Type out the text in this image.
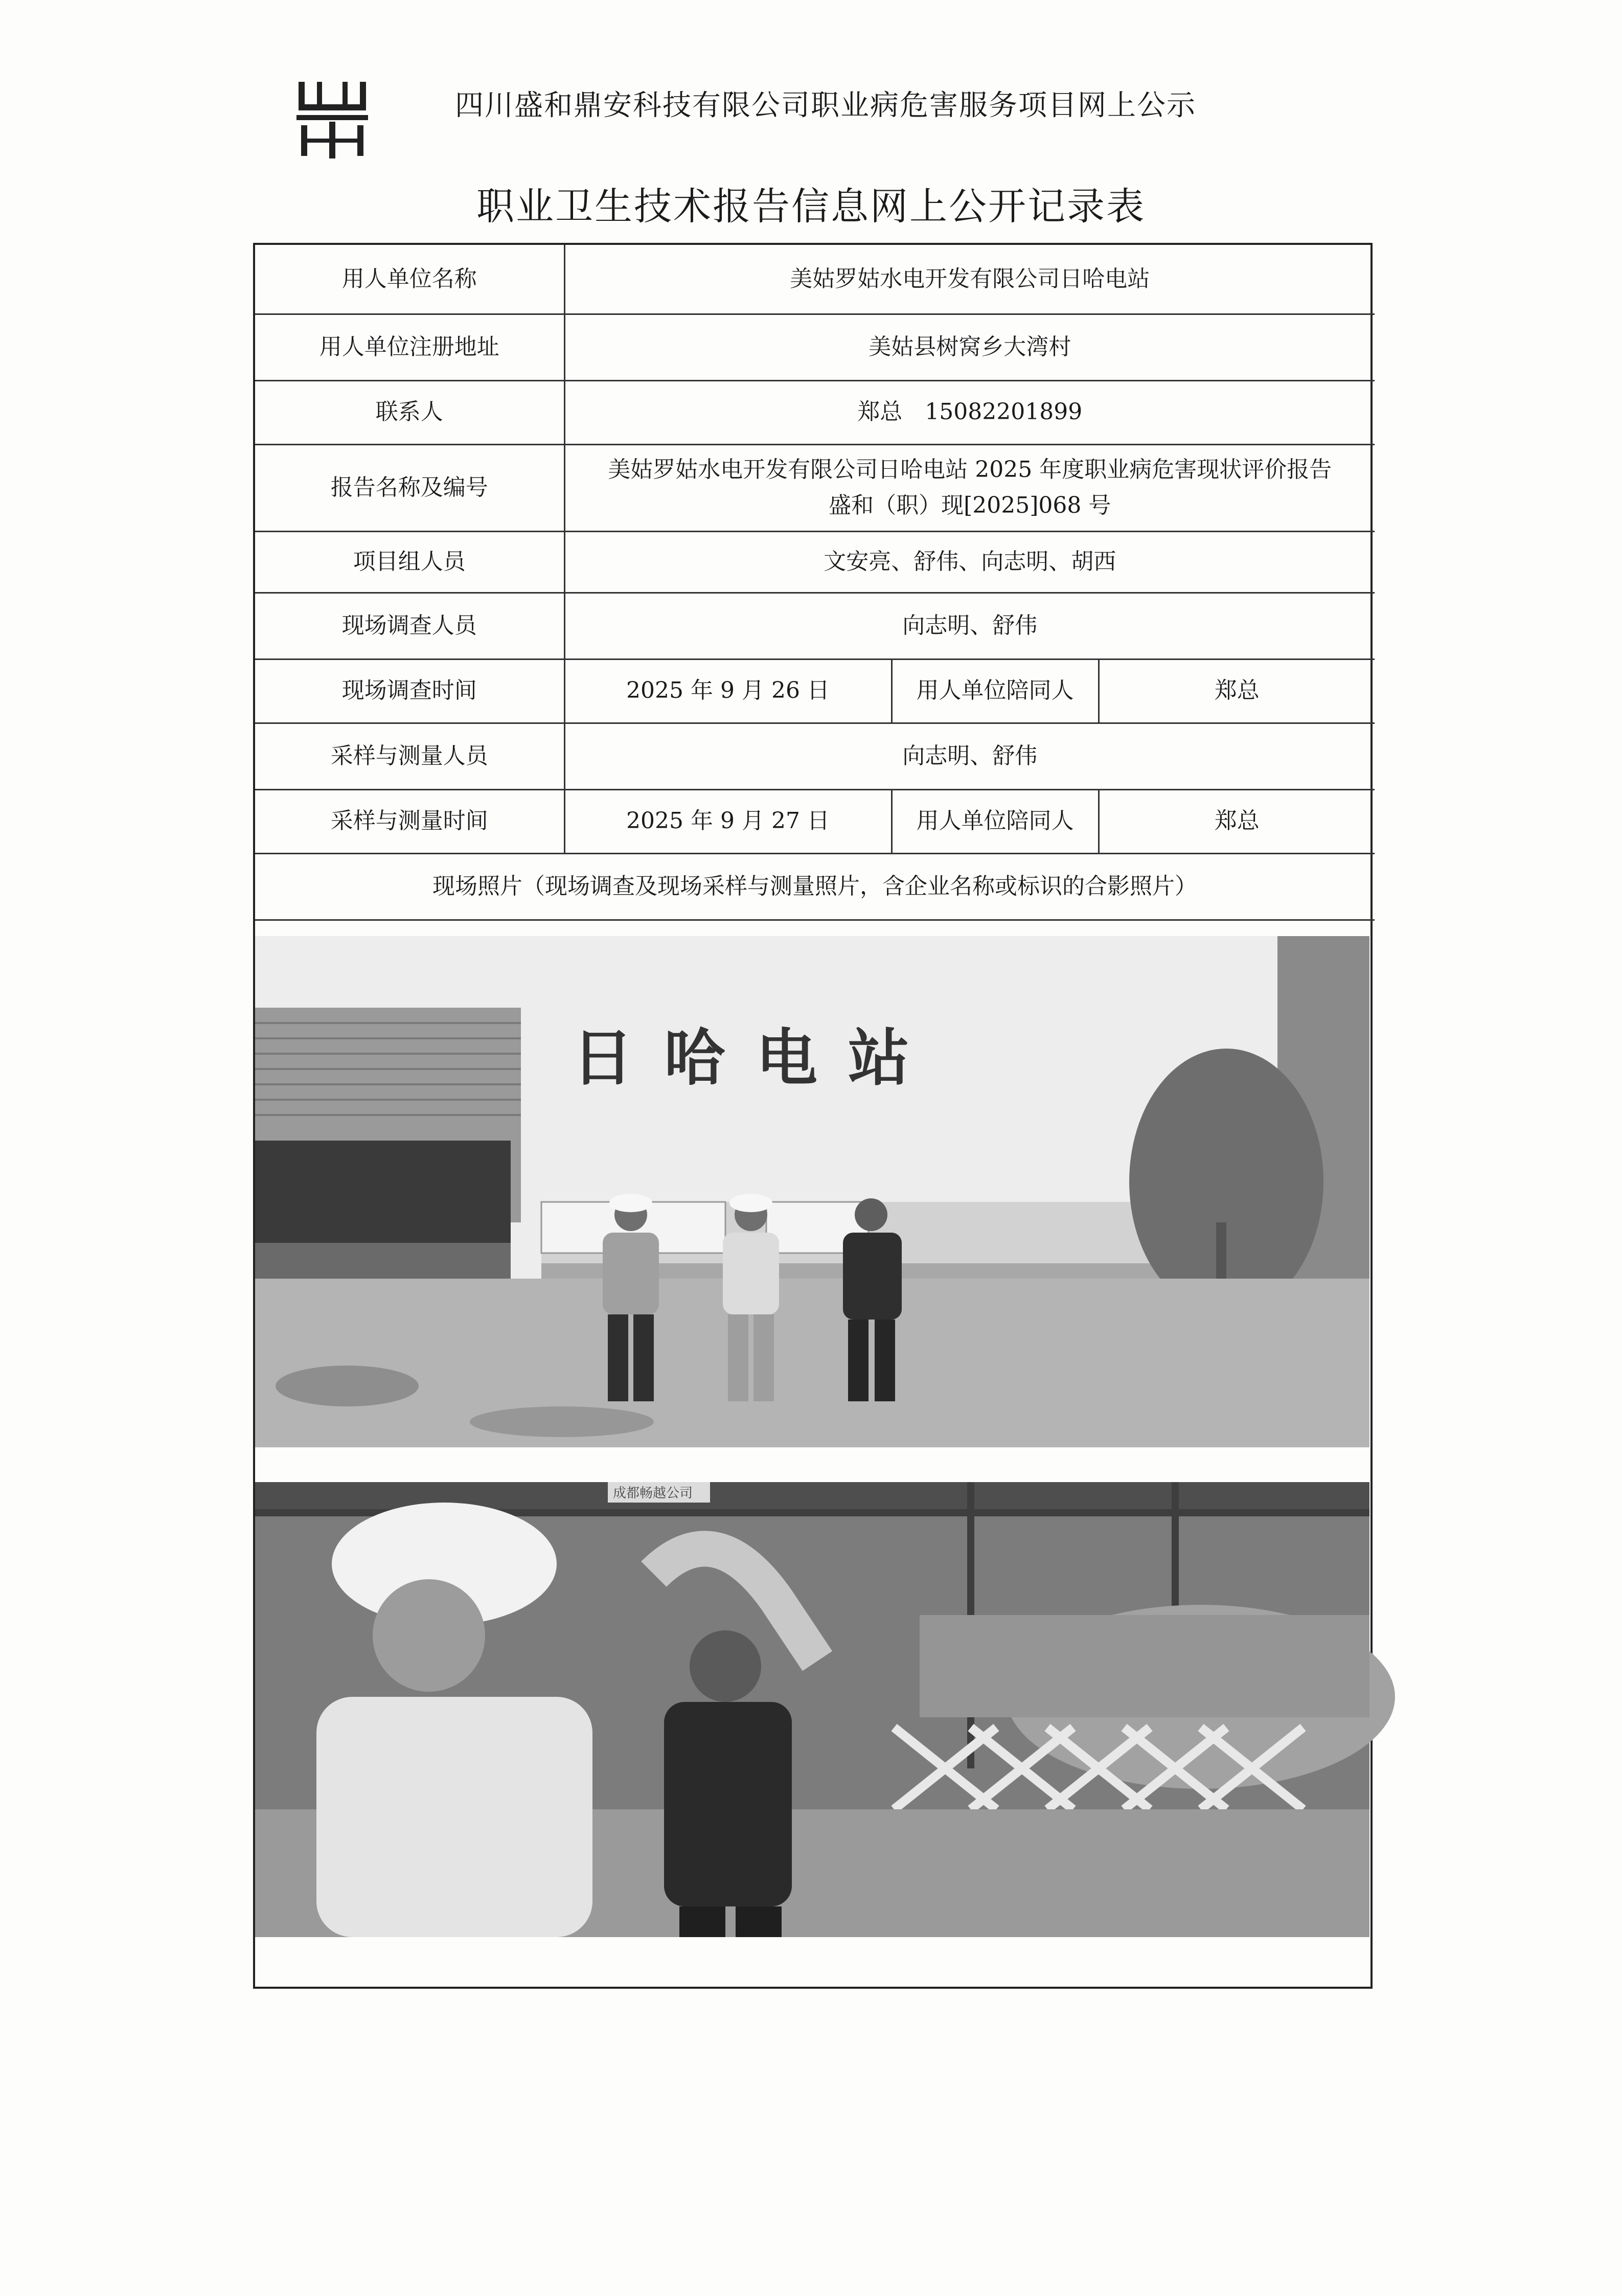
盛鼎
四川盛和鼎安科技有限公司职业病危害服务项目网上公示
职业卫生技术报告信息网上公开记录表
用人单位名称	美姑罗姑水电开发有限公司日哈电站		
用人单位注册地址	美姑县树窝乡大湾村		
联系人	郑总　15082201899		
报告名称及编号	美姑罗姑水电开发有限公司日哈电站 2025 年度职业病危害现状评价报告
盛和（职）现[2025]068 号		

项目组人员	文安亮、舒伟、向志明、胡西		
现场调查人员	向志明、舒伟		
现场调查时间	2025 年 9 月 26 日	用人单位陪同人	郑总
采样与测量人员	向志明、舒伟		
采样与测量时间	2025 年 9 月 27 日	用人单位陪同人	郑总
现场照片（现场调查及现场采样与测量照片，含企业名称或标识的合影照片）			
日哈电站
成都畅越公司
